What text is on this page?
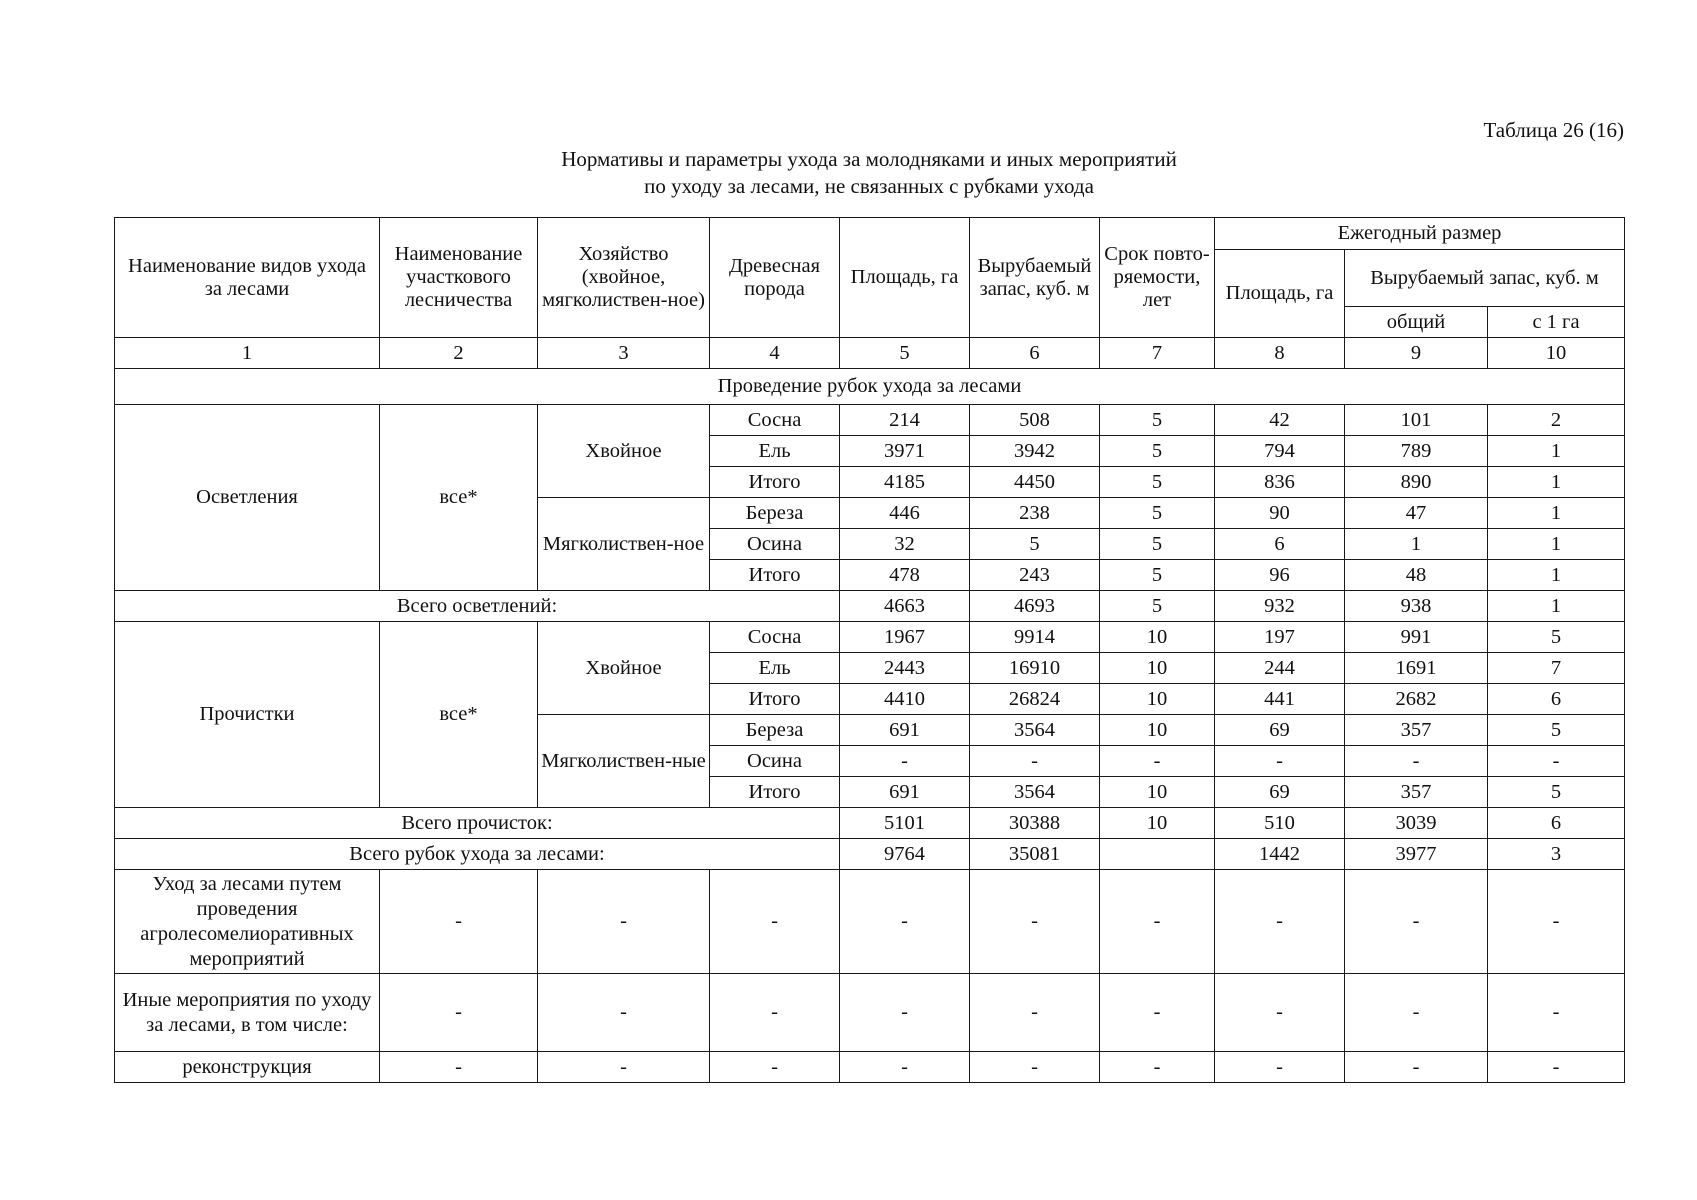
Таблица 26 (16)
Нормативы и параметры ухода за молодняками и иных мероприятий
по уходу за лесами, не связанных с рубками ухода
Наименование видов ухода за лесами	Наименование участкового лесничества	Хозяйство (хвойное, мягколиствен-ное)	Древесная порода	Площадь, га	Вырубаемый запас, куб. м	Срок повто-ряемости, лет	Ежегодный размер		
							Площадь, га	Вырубаемый запас, куб. м	
								общий	с 1 га
1	2	3	4	5	6	7	8	9	10
Проведение рубок ухода за лесами									
Осветления	все*	Хвойное	Сосна	214	508	5	42	101	2
			Ель	3971	3942	5	794	789	1
			Итого	4185	4450	5	836	890	1
		Мягколиствен-ное	Береза	446	238	5	90	47	1
			Осина	32	5	5	6	1	1
			Итого	478	243	5	96	48	1
Всего осветлений:				4663	4693	5	932	938	1
Прочистки	все*	Хвойное	Сосна	1967	9914	10	197	991	5
			Ель	2443	16910	10	244	1691	7
			Итого	4410	26824	10	441	2682	6
		Мягколиствен-ные	Береза	691	3564	10	69	357	5
			Осина	-	-	-	-	-	-
			Итого	691	3564	10	69	357	5
Всего прочисток:				5101	30388	10	510	3039	6
Всего рубок ухода за лесами:				9764	35081		1442	3977	3
Уход за лесами путем проведения агролесомелиоративных мероприятий	-	-	-	-	-	-	-	-	-
Иные мероприятия по уходу за лесами, в том числе:	-	-	-	-	-	-	-	-	-
реконструкция	-	-	-	-	-	-	-	-	-
